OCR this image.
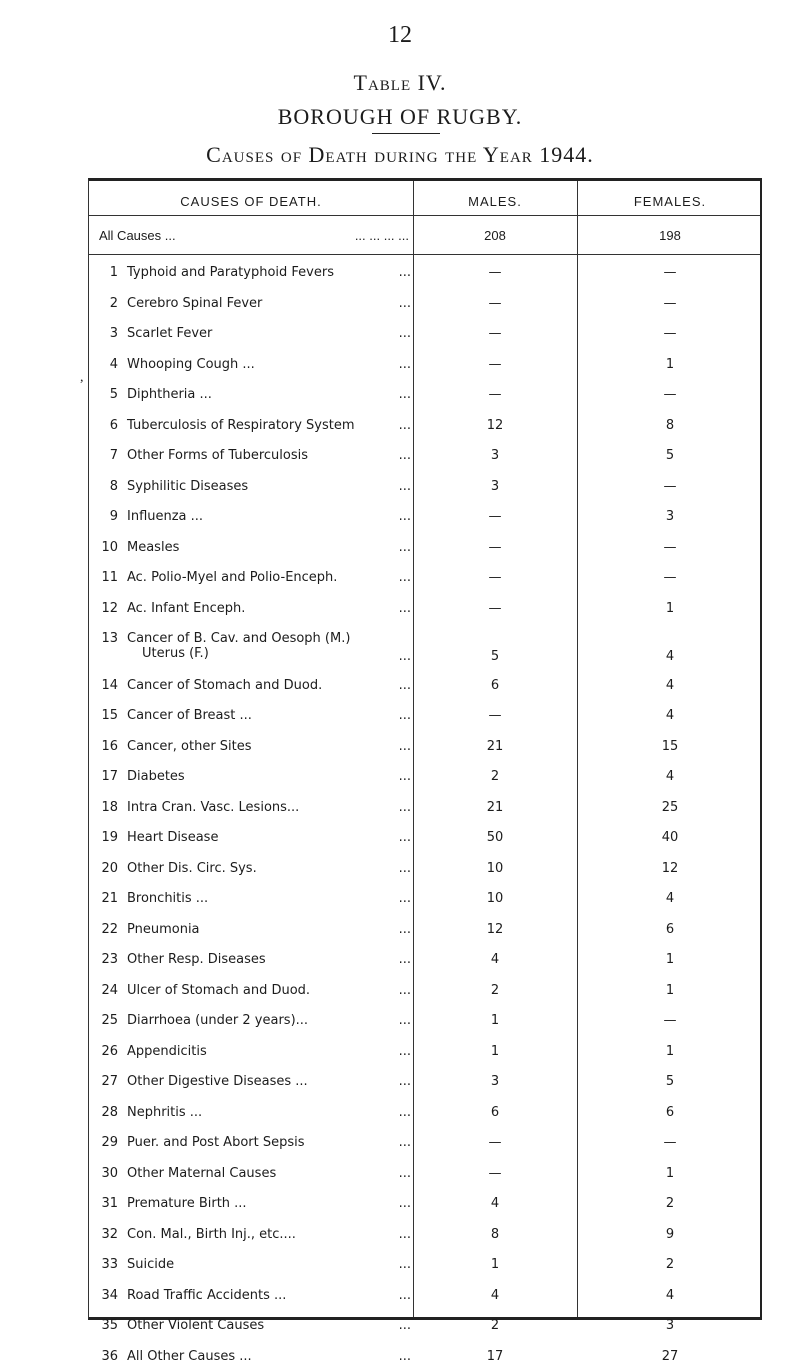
12
Table IV.
BOROUGH OF RUGBY.
Causes of Death during the Year 1944.
,
CAUSES OF DEATH.	MALES.	FEMALES.
All Causes ...	... ... ... ...	208	198
1 Typhoid and Paratyphoid Fevers	...	—	—
2 Cerebro Spinal Fever	...	—	—
3 Scarlet Fever	...	—	—
4 Whooping Cough ...	...	—	1
5 Diphtheria ...	...	—	—
6 Tuberculosis of Respiratory System	...	12	8
7 Other Forms of Tuberculosis	...	3	5
8 Syphilitic Diseases	...	3	—
9 Influenza ...	...	—	3
10 Measles	...	—	—
11 Ac. Polio-Myel and Polio-Enceph.	...	—	—
12 Ac. Infant Enceph.	...	—	1
13 Cancer of B. Cav. and Oesoph (M.)
Uterus (F.)	...	5	4
14 Cancer of Stomach and Duod.	...	6	4
15 Cancer of Breast ...	...	—	4
16 Cancer, other Sites	...	21	15
17 Diabetes	...	2	4
18 Intra Cran. Vasc. Lesions...	...	21	25
19 Heart Disease	...	50	40
20 Other Dis. Circ. Sys.	...	10	12
21 Bronchitis ...	...	10	4
22 Pneumonia	...	12	6
23 Other Resp. Diseases	...	4	1
24 Ulcer of Stomach and Duod.	...	2	1
25 Diarrhoea (under 2 years)...	...	1	—
26 Appendicitis	...	1	1
27 Other Digestive Diseases ...	...	3	5
28 Nephritis ...	...	6	6
29 Puer. and Post Abort Sepsis	...	—	—
30 Other Maternal Causes	...	—	1
31 Premature Birth ...	...	4	2
32 Con. Mal., Birth Inj., etc....	...	8	9
33 Suicide	...	1	2
34 Road Traffic Accidents ...	...	4	4
35 Other Violent Causes	...	2	3
36 All Other Causes ...	...	17	27
